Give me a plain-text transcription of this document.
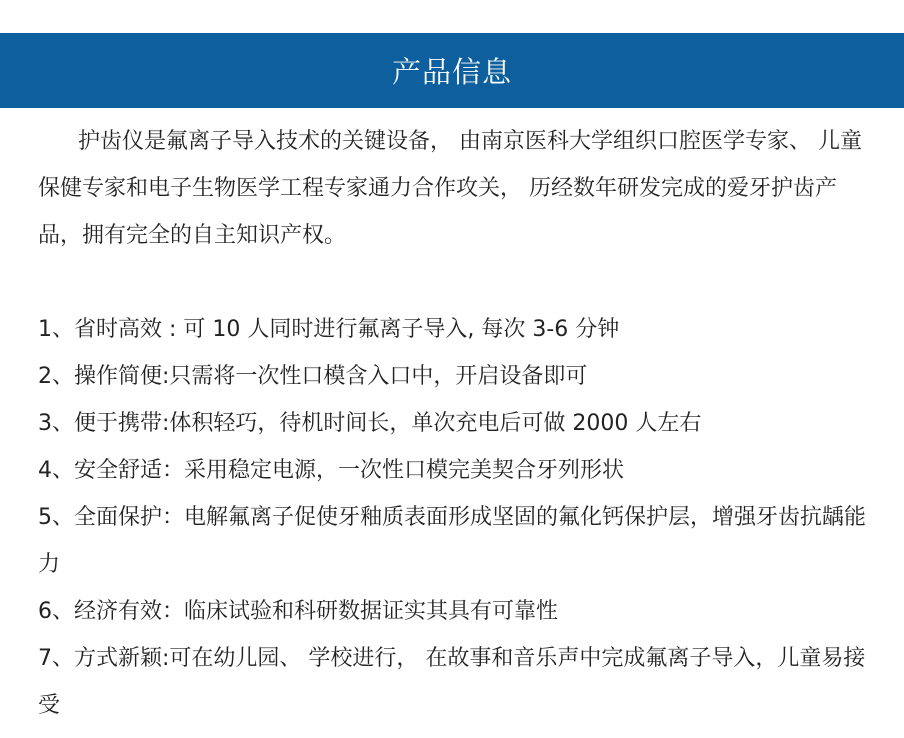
产品信息

护齿仪是氟离子导入技术的关键设备， 由南京医科大学组织口腔医学专家、 儿童保健专家和电子生物医学工程专家通力合作攻关， 历经数年研发完成的爱牙护齿产品，拥有完全的自主知识产权。

1、省时高效 : 可 10 人同时进行氟离子导入, 每次 3-6 分钟

2、操作简便:只需将一次性口模含入口中，开启设备即可

3、便于携带:体积轻巧，待机时间长，单次充电后可做 2000 人左右

4、安全舒适：采用稳定电源，一次性口模完美契合牙列形状

5、全面保护：电解氟离子促使牙釉质表面形成坚固的氟化钙保护层，增强牙齿抗龋能力

6、经济有效：临床试验和科研数据证实其具有可靠性

7、方式新颖:可在幼儿园、 学校进行， 在故事和音乐声中完成氟离子导入，儿童易接受
